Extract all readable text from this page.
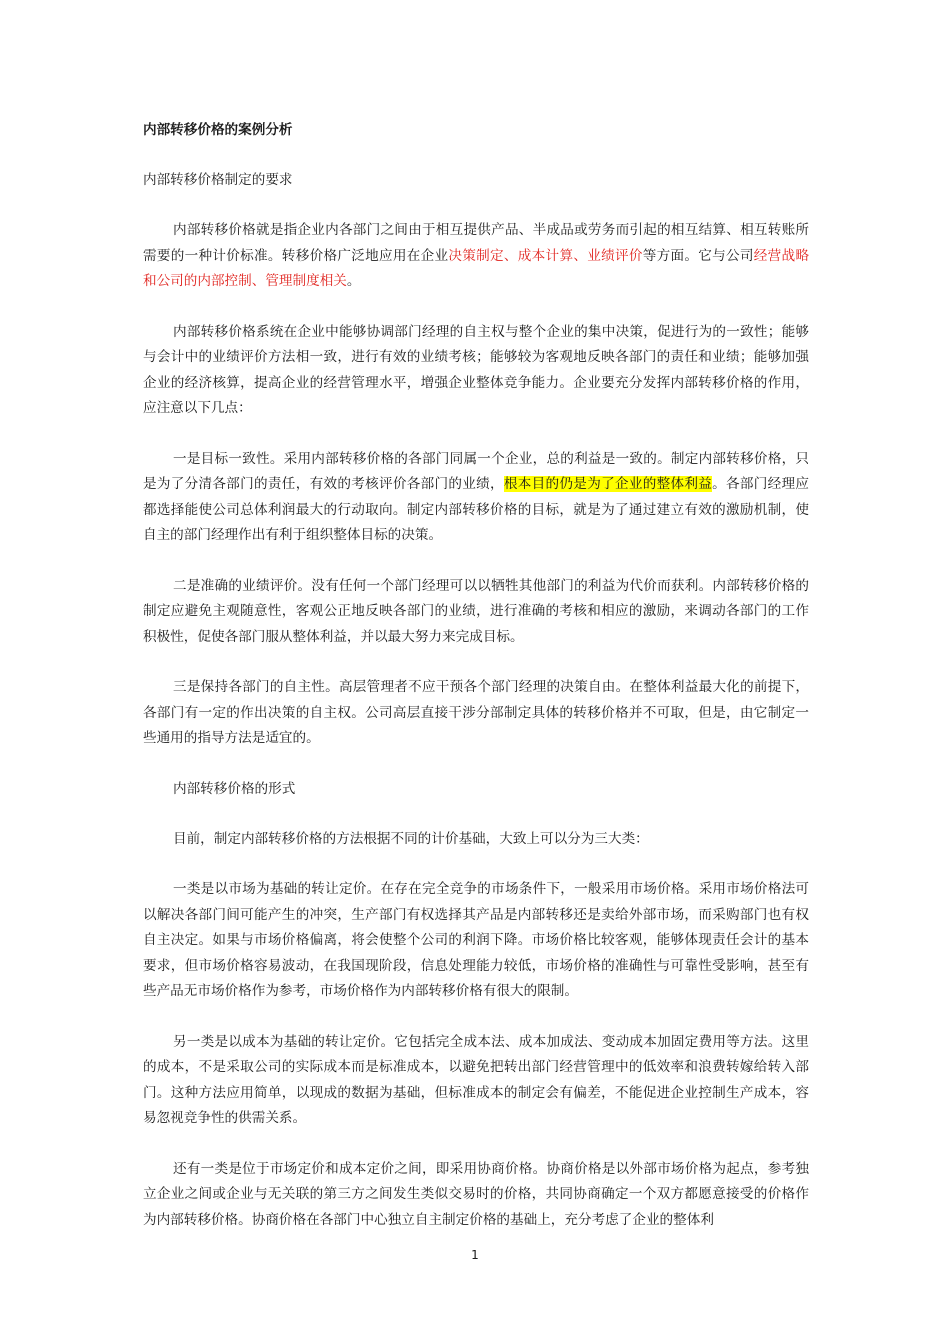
内部转移价格的案例分析
内部转移价格制定的要求

内部转移价格就是指企业内各部门之间由于相互提供产品、半成品或劳务而引起的相互结算、相互转账所需要的一种计价标准。转移价格广泛地应用在企业决策制定、成本计算、业绩评价等方面。它与公司经营战略和公司的内部控制、管理制度相关。

内部转移价格系统在企业中能够协调部门经理的自主权与整个企业的集中决策，促进行为的一致性；能够与会计中的业绩评价方法相一致，进行有效的业绩考核；能够较为客观地反映各部门的责任和业绩；能够加强企业的经济核算，提高企业的经营管理水平，增强企业整体竞争能力。企业要充分发挥内部转移价格的作用，应注意以下几点：

一是目标一致性。采用内部转移价格的各部门同属一个企业，总的利益是一致的。制定内部转移价格，只是为了分清各部门的责任，有效的考核评价各部门的业绩，根本目的仍是为了企业的整体利益。各部门经理应都选择能使公司总体利润最大的行动取向。制定内部转移价格的目标，就是为了通过建立有效的激励机制，使自主的部门经理作出有利于组织整体目标的决策。

二是准确的业绩评价。没有任何一个部门经理可以以牺牲其他部门的利益为代价而获利。内部转移价格的制定应避免主观随意性，客观公正地反映各部门的业绩，进行准确的考核和相应的激励，来调动各部门的工作积极性，促使各部门服从整体利益，并以最大努力来完成目标。

三是保持各部门的自主性。高层管理者不应干预各个部门经理的决策自由。在整体利益最大化的前提下，各部门有一定的作出决策的自主权。公司高层直接干涉分部制定具体的转移价格并不可取，但是，由它制定一些通用的指导方法是适宜的。

内部转移价格的形式

目前，制定内部转移价格的方法根据不同的计价基础，大致上可以分为三大类：

一类是以市场为基础的转让定价。在存在完全竞争的市场条件下，一般采用市场价格。采用市场价格法可以解决各部门间可能产生的冲突，生产部门有权选择其产品是内部转移还是卖给外部市场，而采购部门也有权自主决定。如果与市场价格偏离，将会使整个公司的利润下降。市场价格比较客观，能够体现责任会计的基本要求，但市场价格容易波动，在我国现阶段，信息处理能力较低，市场价格的准确性与可靠性受影响，甚至有些产品无市场价格作为参考，市场价格作为内部转移价格有很大的限制。

另一类是以成本为基础的转让定价。它包括完全成本法、成本加成法、变动成本加固定费用等方法。这里的成本，不是采取公司的实际成本而是标准成本，以避免把转出部门经营管理中的低效率和浪费转嫁给转入部门。这种方法应用简单，以现成的数据为基础，但标准成本的制定会有偏差，不能促进企业控制生产成本，容易忽视竞争性的供需关系。

还有一类是位于市场定价和成本定价之间，即采用协商价格。协商价格是以外部市场价格为起点，参考独立企业之间或企业与无关联的第三方之间发生类似交易时的价格，共同协商确定一个双方都愿意接受的价格作为内部转移价格。协商价格在各部门中心独立自主制定价格的基础上，充分考虑了企业的整体利

1
